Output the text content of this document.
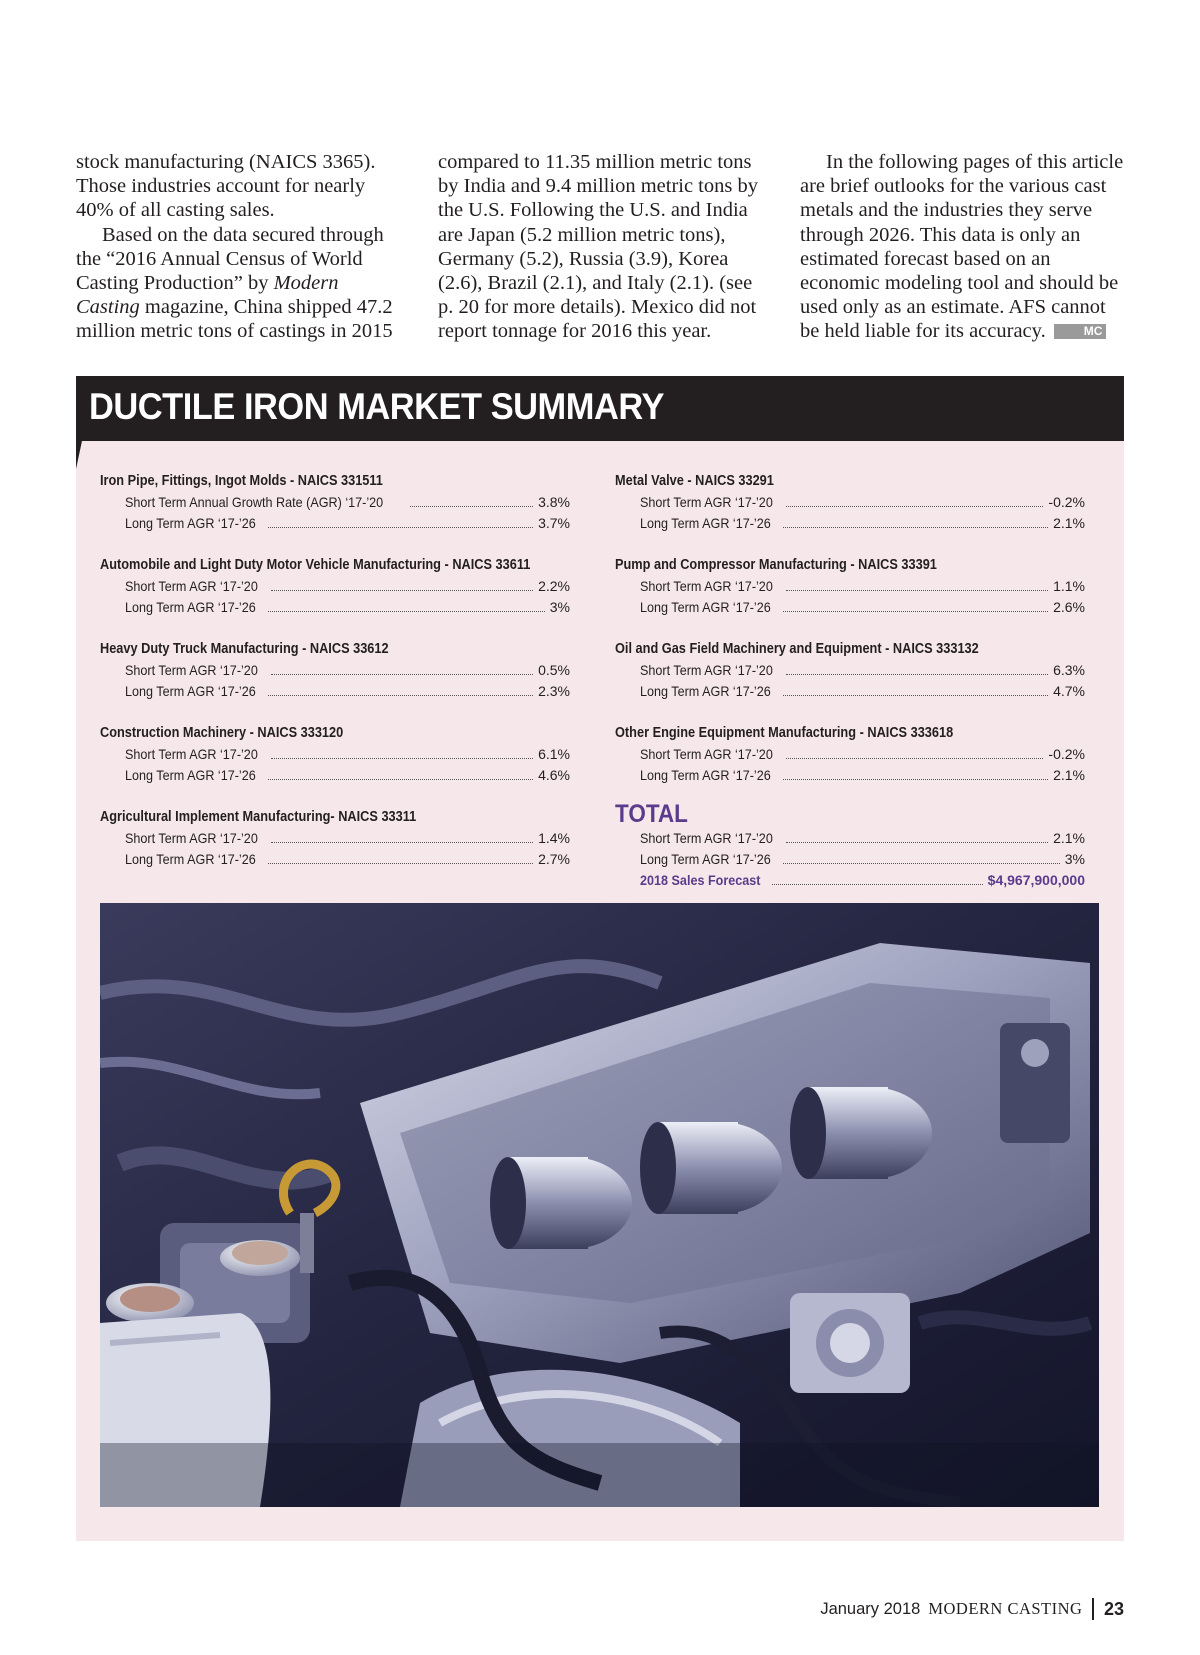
stock manufacturing (NAICS 3365). Those industries account for nearly 40% of all casting sales.

Based on the data secured through the “2016 Annual Census of World Casting Production” by Modern Casting magazine, China shipped 47.2 million metric tons of castings in 2015

compared to 11.35 million metric tons by India and 9.4 million metric tons by the U.S. Following the U.S. and India are Japan (5.2 million metric tons), Germany (5.2), Russia (3.9), Korea (2.6), Brazil (2.1), and Italy (2.1). (see p. 20 for more details). Mexico did not report tonnage for 2016 this year.

In the following pages of this article are brief outlooks for the various cast metals and the industries they serve through 2026. This data is only an estimated forecast based on an economic modeling tool and should be used only as an estimate. AFS cannot be held liable for its accuracy.	MC

DUCTILE IRON MARKET SUMMARY
Iron Pipe, Fittings, Ingot Molds - NAICS 331511
Short Term Annual Growth Rate (AGR) ‘17-’20	3.8%
Long Term AGR ‘17-’26	3.7%
Automobile and Light Duty Motor Vehicle Manufacturing - NAICS 33611
Short Term AGR ‘17-’20	2.2%
Long Term AGR ‘17-’26	3%
Heavy Duty Truck Manufacturing - NAICS 33612
Short Term AGR ‘17-’20	0.5%
Long Term AGR ‘17-’26	2.3%
Construction Machinery - NAICS 333120
Short Term AGR ‘17-’20	6.1%
Long Term AGR ‘17-’26	4.6%
Agricultural Implement Manufacturing- NAICS 33311
Short Term AGR ‘17-’20	1.4%
Long Term AGR ‘17-’26	2.7%
Metal Valve - NAICS 33291
Short Term AGR ‘17-’20	-0.2%
Long Term AGR ‘17-’26	2.1%
Pump and Compressor Manufacturing - NAICS 33391
Short Term AGR ‘17-’20	1.1%
Long Term AGR ‘17-’26	2.6%
Oil and Gas Field Machinery and Equipment - NAICS 333132
Short Term AGR ‘17-’20	6.3%
Long Term AGR ‘17-’26	4.7%
Other Engine Equipment Manufacturing - NAICS 333618
Short Term AGR ‘17-’20	-0.2%
Long Term AGR ‘17-’26	2.1%
TOTAL
Short Term AGR ‘17-’20	2.1%
Long Term AGR ‘17-’26	3%
2018 Sales Forecast	$4,967,900,000
January 2018 MODERN CASTING 23
